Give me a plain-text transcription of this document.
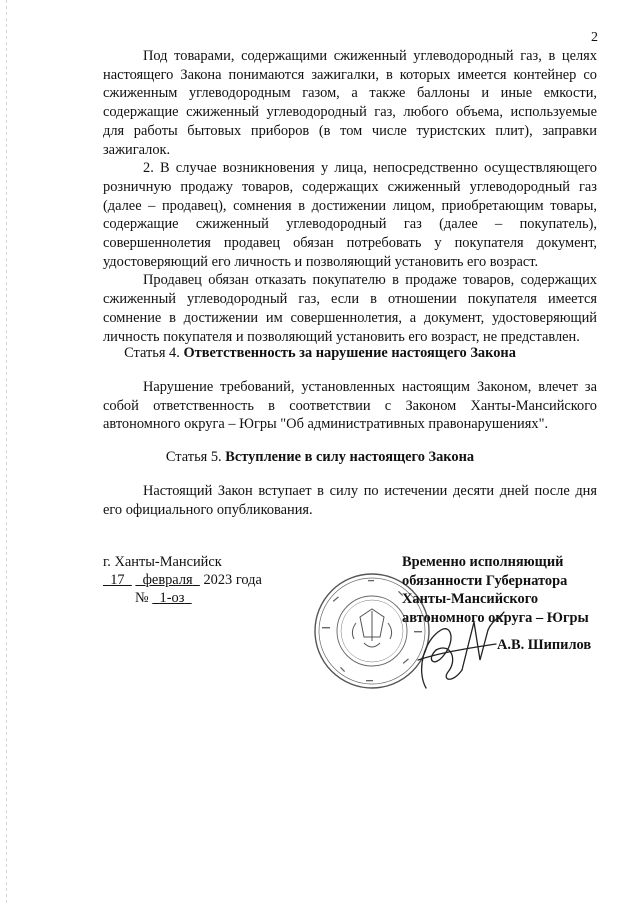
2

Под товарами, содержащими сжиженный углеводородный газ, в целях настоящего Закона понимаются зажигалки, в которых имеется контейнер со сжиженным углеводородным газом, а также баллоны и иные емкости, содержащие сжиженный углеводородный газ, любого объема, используемые для работы бытовых приборов (в том числе туристских плит), заправки зажигалок.

2. В случае возникновения у лица, непосредственно осуществляющего розничную продажу товаров, содержащих сжиженный углеводородный газ (далее – продавец), сомнения в достижении лицом, приобретающим товары, содержащие сжиженный углеводородный газ (далее – покупатель), совершеннолетия продавец обязан потребовать у покупателя документ, удостоверяющий его личность и позволяющий установить его возраст.

Продавец обязан отказать покупателю в продаже товаров, содержащих сжиженный углеводородный газ, если в отношении покупателя имеется сомнение в достижении им совершеннолетия, а документ, удостоверяющий личность покупателя и позволяющий установить его возраст, не представлен.

Статья 4. Ответственность за нарушение настоящего Закона

Нарушение требований, установленных настоящим Законом, влечет за собой ответственность в соответствии с Законом Ханты-Мансийского автономного округа – Югры "Об административных правонарушениях".

Статья 5. Вступление в силу настоящего Закона

Настоящий Закон вступает в силу по истечении десяти дней после дня его официального опубликования.

г. Ханты-Мансийск
17 февраля 2023 года
№ 1-оз
Временно исполняющий
обязанности Губернатора
Ханты-Мансийского
автономного округа – Югры
А.В. Шипилов
